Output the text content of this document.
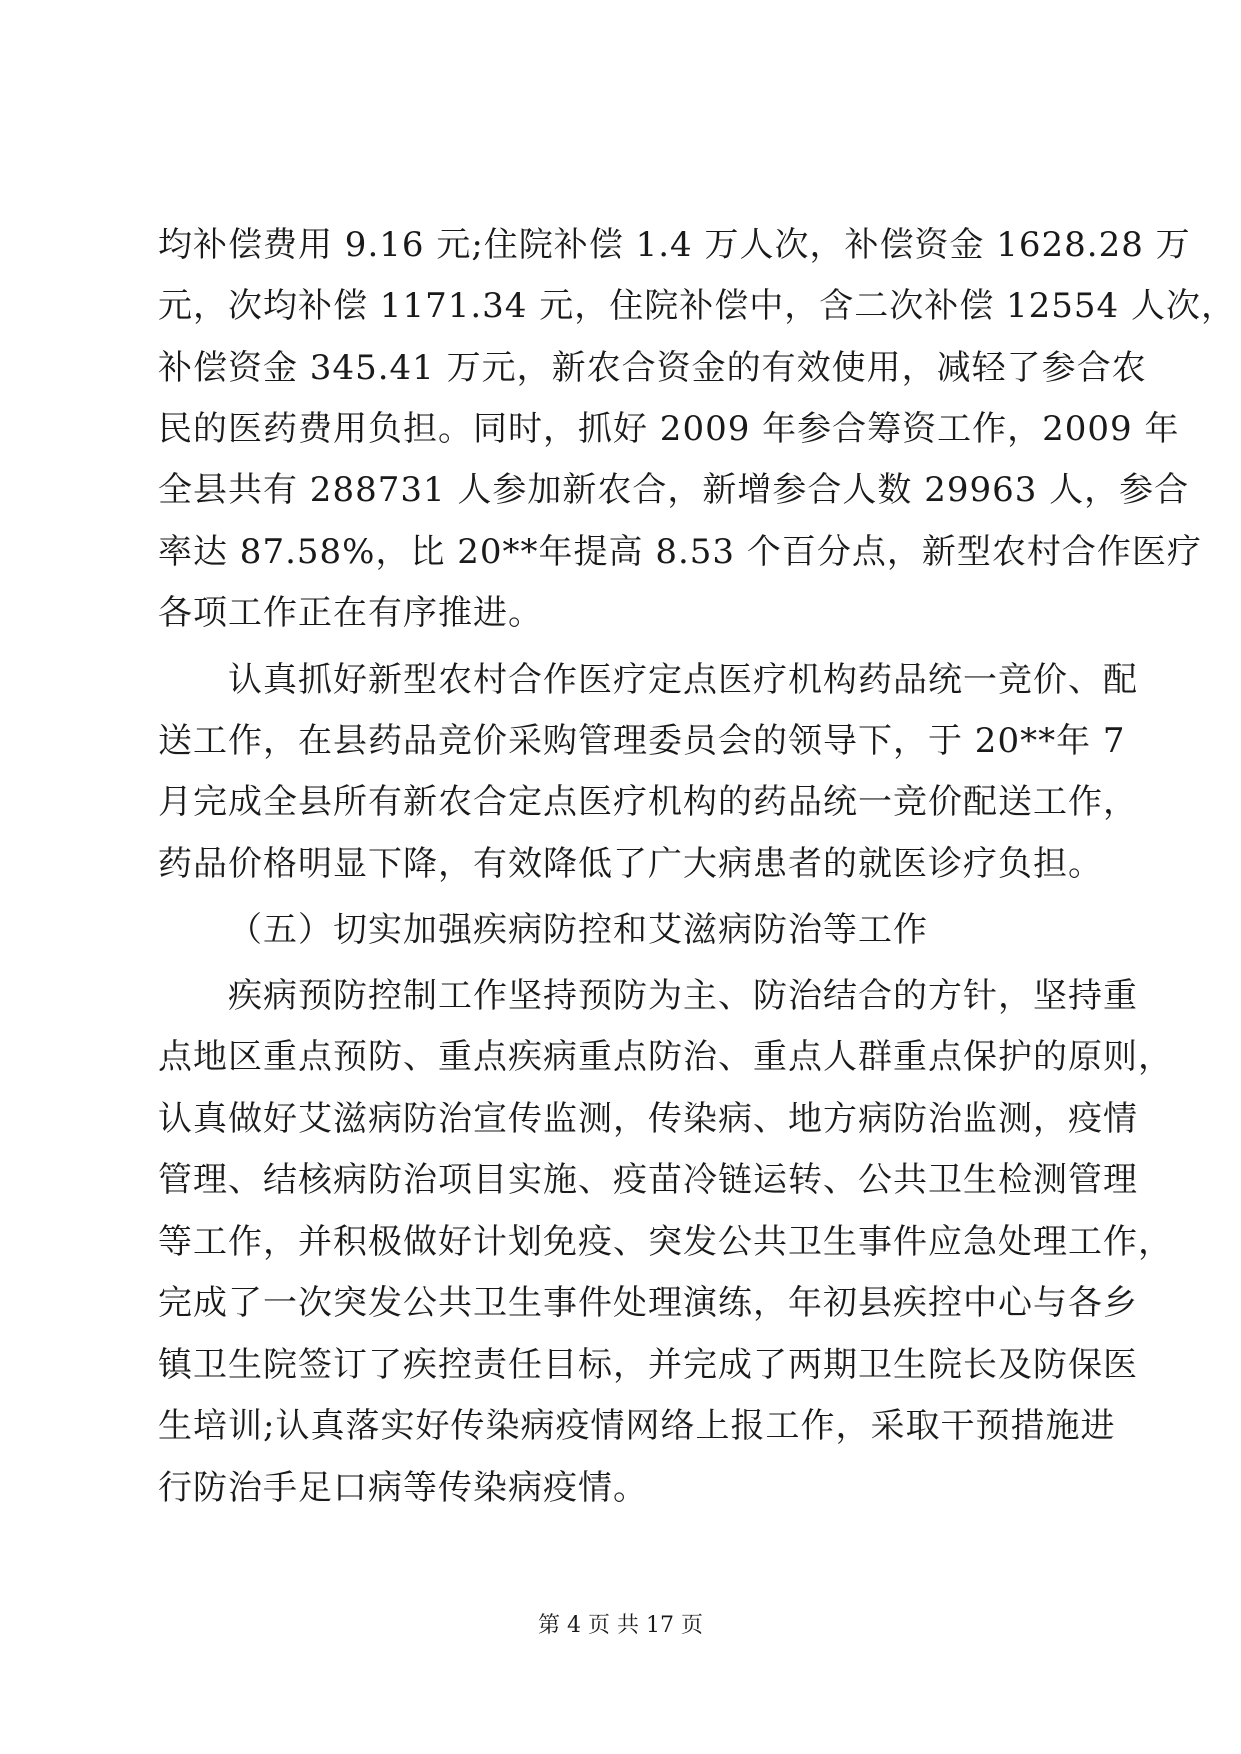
均补偿费用 9.16 元;住院补偿 1.4 万人次，补偿资金 1628.28 万
元，次均补偿 1171.34 元，住院补偿中，含二次补偿 12554 人次，
补偿资金 345.41 万元，新农合资金的有效使用，减轻了参合农
民的医药费用负担。同时，抓好 2009 年参合筹资工作，2009 年
全县共有 288731 人参加新农合，新增参合人数 29963 人，参合
率达 87.58%，比 20**年提高 8.53 个百分点，新型农村合作医疗
各项工作正在有序推进。
认真抓好新型农村合作医疗定点医疗机构药品统一竞价、配
送工作，在县药品竞价采购管理委员会的领导下，于 20**年 7
月完成全县所有新农合定点医疗机构的药品统一竞价配送工作，
药品价格明显下降，有效降低了广大病患者的就医诊疗负担。
（五）切实加强疾病防控和艾滋病防治等工作
疾病预防控制工作坚持预防为主、防治结合的方针，坚持重
点地区重点预防、重点疾病重点防治、重点人群重点保护的原则，
认真做好艾滋病防治宣传监测，传染病、地方病防治监测，疫情
管理、结核病防治项目实施、疫苗冷链运转、公共卫生检测管理
等工作，并积极做好计划免疫、突发公共卫生事件应急处理工作，
完成了一次突发公共卫生事件处理演练，年初县疾控中心与各乡
镇卫生院签订了疾控责任目标，并完成了两期卫生院长及防保医
生培训;认真落实好传染病疫情网络上报工作，采取干预措施进
行防治手足口病等传染病疫情。
第 4 页 共 17 页
